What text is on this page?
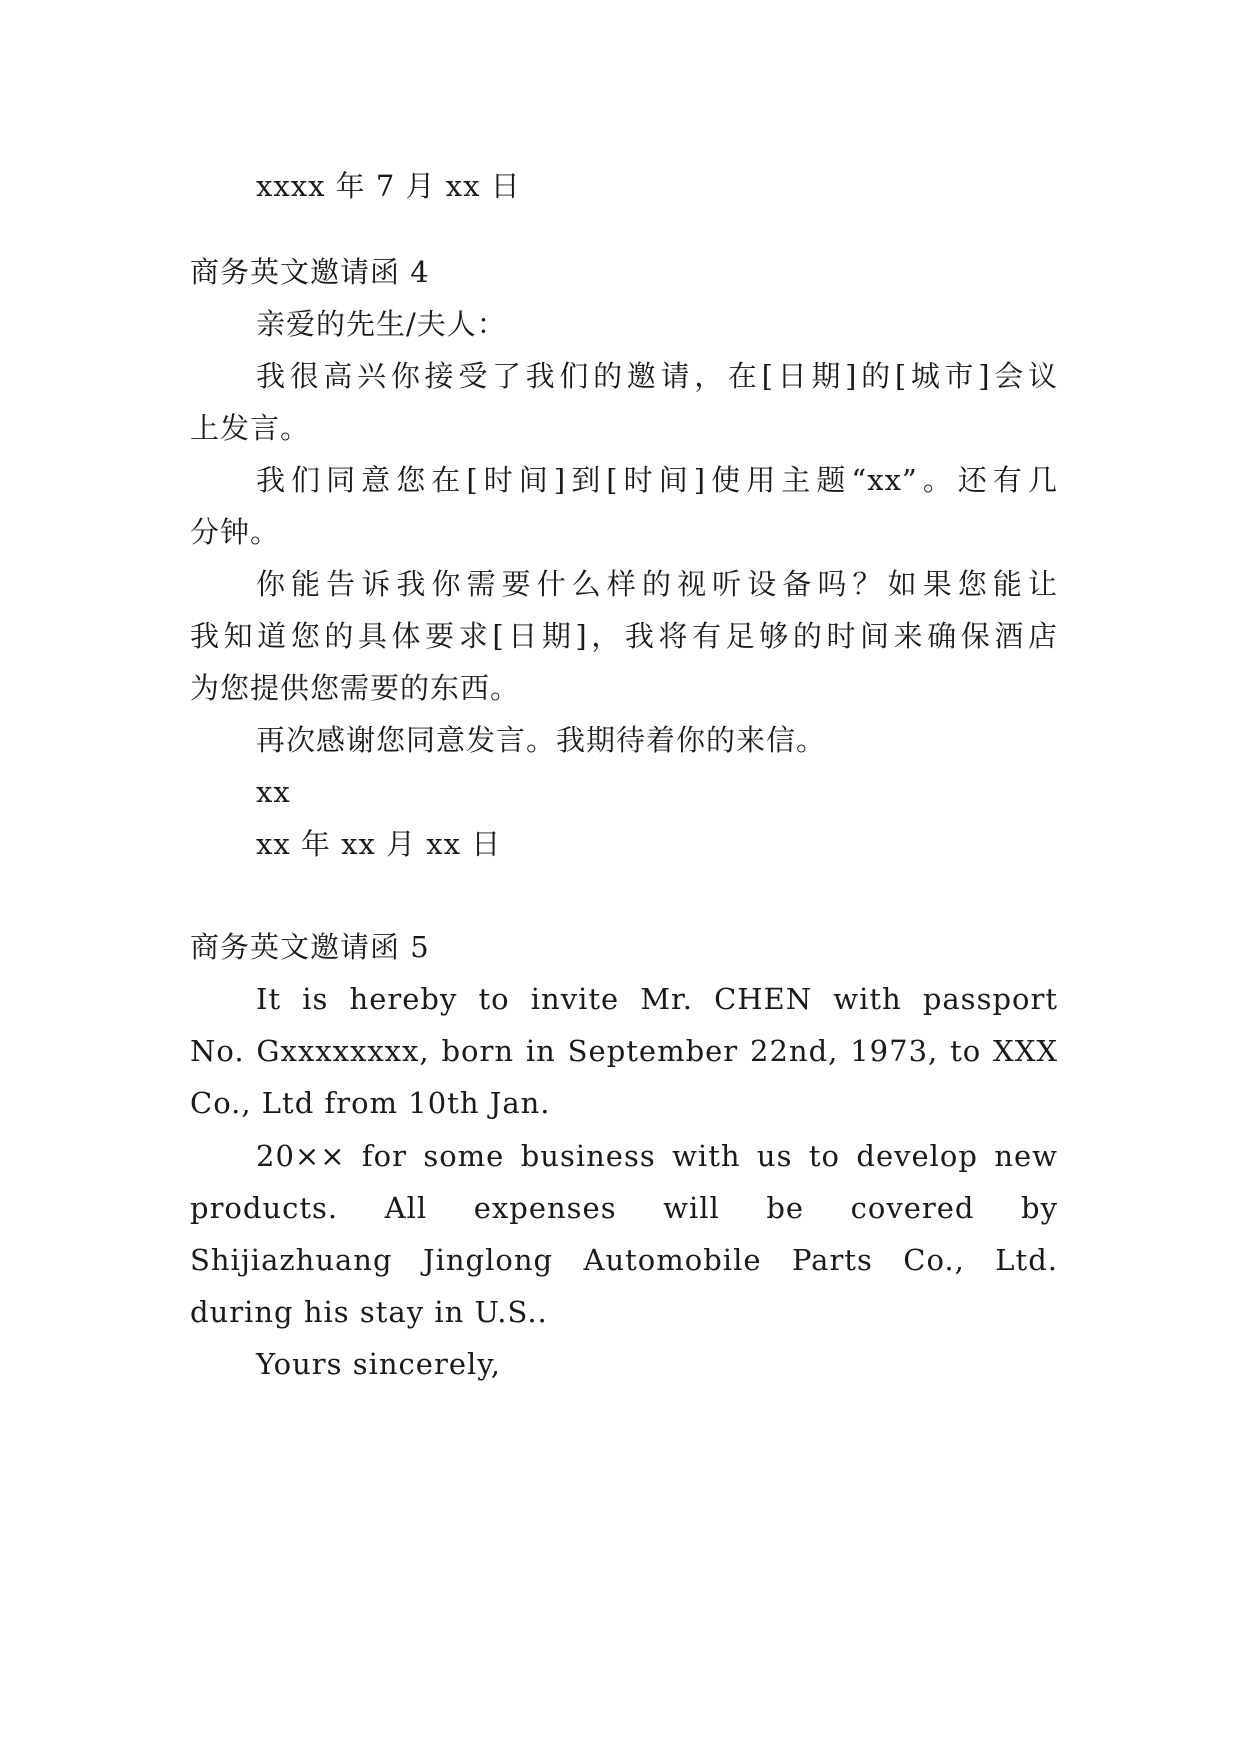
xxxx 年 7 月 xx 日
商务英文邀请函 4
亲爱的先生/夫人：
我很高兴你接受了我们的邀请，在[日期]的[城市]会议
上发言。
我们同意您在[时间]到[时间]使用主题“xx”。还有几
分钟。
你能告诉我你需要什么样的视听设备吗？如果您能让
我知道您的具体要求[日期]，我将有足够的时间来确保酒店
为您提供您需要的东西。
再次感谢您同意发言。我期待着你的来信。
xx
xx 年 xx 月 xx 日
商务英文邀请函 5
It is hereby to invite Mr. CHEN with passport
No. Gxxxxxxxx, born in September 22nd, 1973, to XXX
Co., Ltd from 10th Jan.
20×× for some business with us to develop new
products. All expenses will be covered by
Shijiazhuang Jinglong Automobile Parts Co., Ltd.
during his stay in U.S..
Yours sincerely,
